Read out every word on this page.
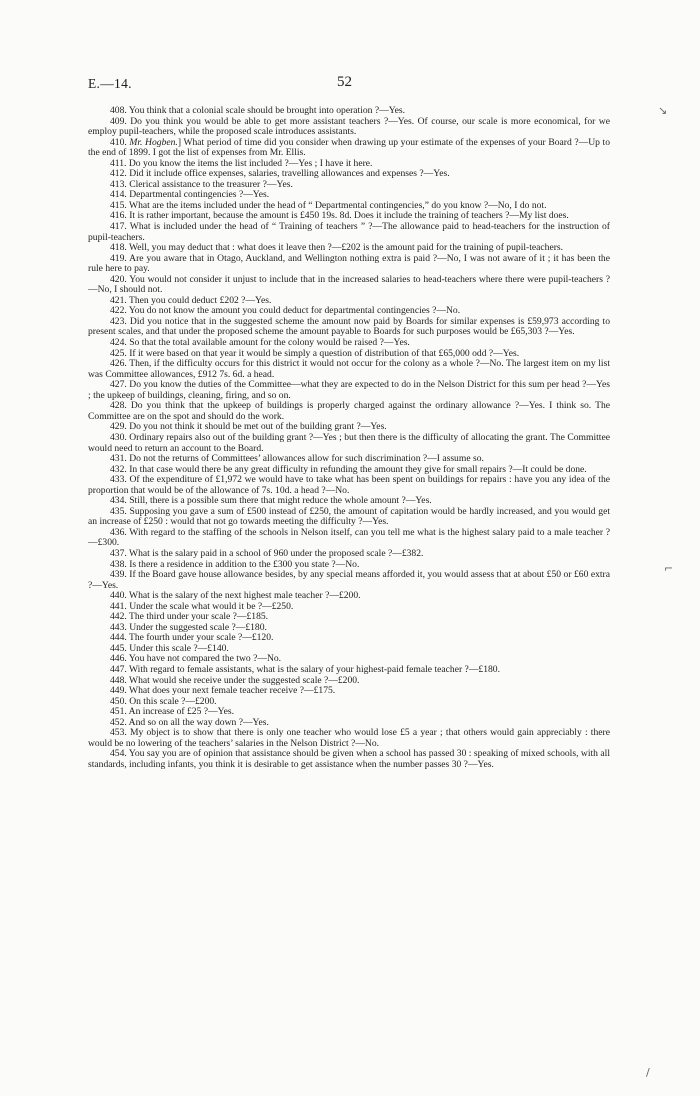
E.—14.	52

408. You think that a colonial scale should be brought into operation ?—Yes.

409. Do you think you would be able to get more assistant teachers ?—Yes. Of course, our scale is more economical, for we employ pupil-teachers, while the proposed scale introduces assistants.

410. Mr. Hogben.] What period of time did you consider when drawing up your estimate of the expenses of your Board ?—Up to the end of 1899. I got the list of expenses from Mr. Ellis.

411. Do you know the items the list included ?—Yes ; I have it here.

412. Did it include office expenses, salaries, travelling allowances and expenses ?—Yes.

413. Clerical assistance to the treasurer ?—Yes.

414. Departmental contingencies ?—Yes.

415. What are the items included under the head of “ Departmental contingencies,” do you know ?—No, I do not.

416. It is rather important, because the amount is £450 19s. 8d. Does it include the training of teachers ?—My list does.

417. What is included under the head of “ Training of teachers ” ?—The allowance paid to head-teachers for the instruction of pupil-teachers.

418. Well, you may deduct that : what does it leave then ?—£202 is the amount paid for the training of pupil-teachers.

419. Are you aware that in Otago, Auckland, and Wellington nothing extra is paid ?—No, I was not aware of it ; it has been the rule here to pay.

420. You would not consider it unjust to include that in the increased salaries to head-teachers where there were pupil-teachers ?—No, I should not.

421. Then you could deduct £202 ?—Yes.

422. You do not know the amount you could deduct for departmental contingencies ?—No.

423. Did you notice that in the suggested scheme the amount now paid by Boards for similar expenses is £59,973 according to present scales, and that under the proposed scheme the amount payable to Boards for such purposes would be £65,303 ?—Yes.

424. So that the total available amount for the colony would be raised ?—Yes.

425. If it were based on that year it would be simply a question of distribution of that £65,000 odd ?—Yes.

426. Then, if the difficulty occurs for this district it would not occur for the colony as a whole ?—No. The largest item on my list was Committee allowances, £912 7s. 6d. a head.

427. Do you know the duties of the Committee—what they are expected to do in the Nelson District for this sum per head ?—Yes ; the upkeep of buildings, cleaning, firing, and so on.

428. Do you think that the upkeep of buildings is properly charged against the ordinary allowance ?—Yes. I think so. The Committee are on the spot and should do the work.

429. Do you not think it should be met out of the building grant ?—Yes.

430. Ordinary repairs also out of the building grant ?—Yes ; but then there is the difficulty of allocating the grant. The Committee would need to return an account to the Board.

431. Do not the returns of Committees’ allowances allow for such discrimination ?—I assume so.

432. In that case would there be any great difficulty in refunding the amount they give for small repairs ?—It could be done.

433. Of the expenditure of £1,972 we would have to take what has been spent on buildings for repairs : have you any idea of the proportion that would be of the allowance of 7s. 10d. a head ?—No.

434. Still, there is a possible sum there that might reduce the whole amount ?—Yes.

435. Supposing you gave a sum of £500 instead of £250, the amount of capitation would be hardly increased, and you would get an increase of £250 : would that not go towards meeting the difficulty ?—Yes.

436. With regard to the staffing of the schools in Nelson itself, can you tell me what is the highest salary paid to a male teacher ?—£300.

437. What is the salary paid in a school of 960 under the proposed scale ?—£382.

438. Is there a residence in addition to the £300 you state ?—No.

439. If the Board gave house allowance besides, by any special means afforded it, you would assess that at about £50 or £60 extra ?—Yes.

440. What is the salary of the next highest male teacher ?—£200.

441. Under the scale what would it be ?—£250.

442. The third under your scale ?—£185.

443. Under the suggested scale ?—£180.

444. The fourth under your scale ?—£120.

445. Under this scale ?—£140.

446. You have not compared the two ?—No.

447. With regard to female assistants, what is the salary of your highest-paid female teacher ?—£180.

448. What would she receive under the suggested scale ?—£200.

449. What does your next female teacher receive ?—£175.

450. On this scale ?—£200.

451. An increase of £25 ?—Yes.

452. And so on all the way down ?—Yes.

453. My object is to show that there is only one teacher who would lose £5 a year ; that others would gain appreciably : there would be no lowering of the teachers’ salaries in the Nelson District ?—No.

454. You say you are of opinion that assistance should be given when a school has passed 30 : speaking of mixed schools, with all standards, including infants, you think it is desirable to get assistance when the number passes 30 ?—Yes.

↘
⌐
/
